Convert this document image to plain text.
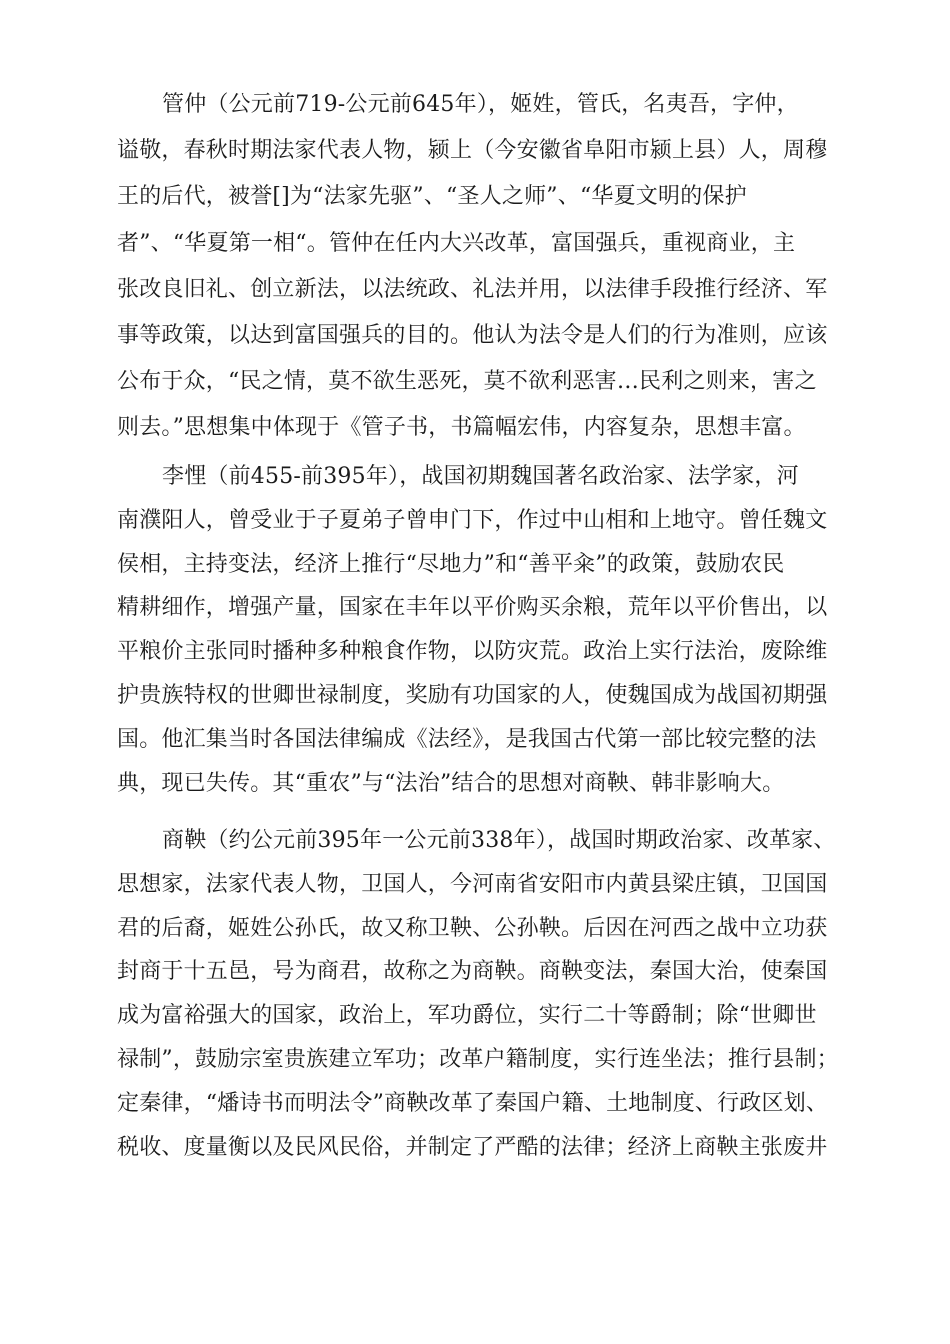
管仲（公元前719-公元前645年），姬姓，管氏，名夷吾，字仲，
谥敬，春秋时期法家代表人物，颍上（今安徽省阜阳市颍上县）人，周穆
王的后代，被誉[]为“法家先驱”、“圣人之师”、“华夏文明的保护
者”、“华夏第一相“。管仲在任内大兴改革，富国强兵，重视商业，主
张改良旧礼、创立新法，以法统政、礼法并用，以法律手段推行经济、军
事等政策，以达到富国强兵的目的。他认为法令是人们的行为准则，应该
公布于众，“民之情，莫不欲生恶死，莫不欲利恶害…民利之则来，害之
则去。”思想集中体现于《管子书，书篇幅宏伟，内容复杂，思想丰富。
李悝（前455-前395年），战国初期魏国著名政治家、法学家，河
南濮阳人，曾受业于子夏弟子曾申门下，作过中山相和上地守。曾任魏文
侯相，主持变法，经济上推行“尽地力”和“善平籴”的政策，鼓励农民
精耕细作，增强产量，国家在丰年以平价购买余粮，荒年以平价售出，以
平粮价主张同时播种多种粮食作物，以防灾荒。政治上实行法治，废除维
护贵族特权的世卿世禄制度，奖励有功国家的人，使魏国成为战国初期强
国。他汇集当时各国法律编成《法经》，是我国古代第一部比较完整的法
典，现已失传。其“重农”与“法治”结合的思想对商鞅、韩非影响大。
商鞅（约公元前395年一公元前338年），战国时期政治家、改革家、
思想家，法家代表人物，卫国人，今河南省安阳市内黄县梁庄镇，卫国国
君的后裔，姬姓公孙氏，故又称卫鞅、公孙鞅。后因在河西之战中立功获
封商于十五邑，号为商君，故称之为商鞅。商鞅变法，秦国大治，使秦国
成为富裕强大的国家，政治上，军功爵位，实行二十等爵制；除“世卿世
禄制”，鼓励宗室贵族建立军功；改革户籍制度，实行连坐法；推行县制；
定秦律，“燔诗书而明法令”商鞅改革了秦国户籍、土地制度、行政区划、
税收、度量衡以及民风民俗，并制定了严酷的法律；经济上商鞅主张废井
